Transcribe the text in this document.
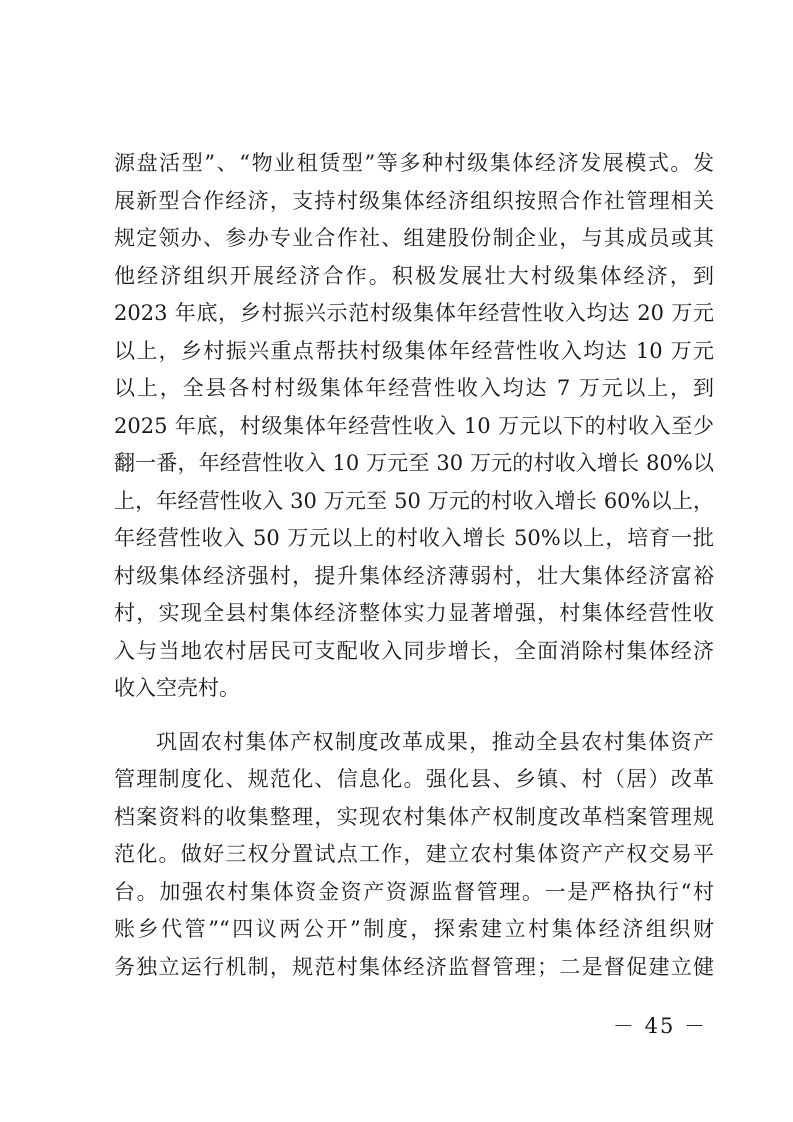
源盘活型”、“物业租赁型”等多种村级集体经济发展模式。发
展新型合作经济，支持村级集体经济组织按照合作社管理相关
规定领办、参办专业合作社、组建股份制企业，与其成员或其
他经济组织开展经济合作。积极发展壮大村级集体经济，到
2023 年底，乡村振兴示范村级集体年经营性收入均达 20 万元
以上，乡村振兴重点帮扶村级集体年经营性收入均达 10 万元
以上，全县各村村级集体年经营性收入均达 7 万元以上，到
2025 年底，村级集体年经营性收入 10 万元以下的村收入至少
翻一番，年经营性收入 10 万元至 30 万元的村收入增长 80%以
上，年经营性收入 30 万元至 50 万元的村收入增长 60%以上，
年经营性收入 50 万元以上的村收入增长 50%以上，培育一批
村级集体经济强村，提升集体经济薄弱村，壮大集体经济富裕
村，实现全县村集体经济整体实力显著增强，村集体经营性收
入与当地农村居民可支配收入同步增长，全面消除村集体经济
收入空壳村。
巩固农村集体产权制度改革成果，推动全县农村集体资产
管理制度化、规范化、信息化。强化县、乡镇、村（居）改革
档案资料的收集整理，实现农村集体产权制度改革档案管理规
范化。做好三权分置试点工作，建立农村集体资产产权交易平
台。加强农村集体资金资产资源监督管理。一是严格执行“村
账乡代管”“四议两公开”制度，探索建立村集体经济组织财
务独立运行机制，规范村集体经济监督管理；二是督促建立健
－ 45 －
